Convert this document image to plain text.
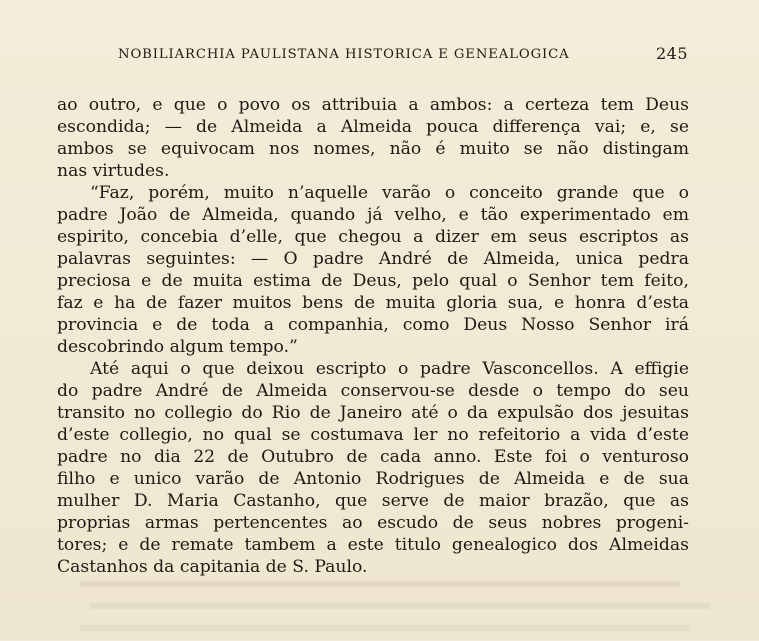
NOBILIARCHIA PAULISTANA HISTORICA E GENEALOGICA	245
ao outro, e que o povo os attribuia a ambos: a certeza tem Deus
escondida; — de Almeida a Almeida pouca differença vai; e, se
ambos se equivocam nos nomes, não é muito se não distingam
nas virtudes.
“Faz, porém, muito n’aquelle varão o conceito grande que o
padre João de Almeida, quando já velho, e tão experimentado em
espirito, concebia d’elle, que chegou a dizer em seus escriptos as
palavras seguintes: — O padre André de Almeida, unica pedra
preciosa e de muita estima de Deus, pelo qual o Senhor tem feito,
faz e ha de fazer muitos bens de muita gloria sua, e honra d’esta
provincia e de toda a companhia, como Deus Nosso Senhor irá
descobrindo algum tempo.”
Até aqui o que deixou escripto o padre Vasconcellos. A effigie
do padre André de Almeida conservou-se desde o tempo do seu
transito no collegio do Rio de Janeiro até o da expulsão dos jesuitas
d’este collegio, no qual se costumava ler no refeitorio a vida d’este
padre no dia 22 de Outubro de cada anno. Este foi o venturoso
filho e unico varão de Antonio Rodrigues de Almeida e de sua
mulher D. Maria Castanho, que serve de maior brazão, que as
proprias armas pertencentes ao escudo de seus nobres progeni-
tores; e de remate tambem a este titulo genealogico dos Almeidas
Castanhos da capitania de S. Paulo.
